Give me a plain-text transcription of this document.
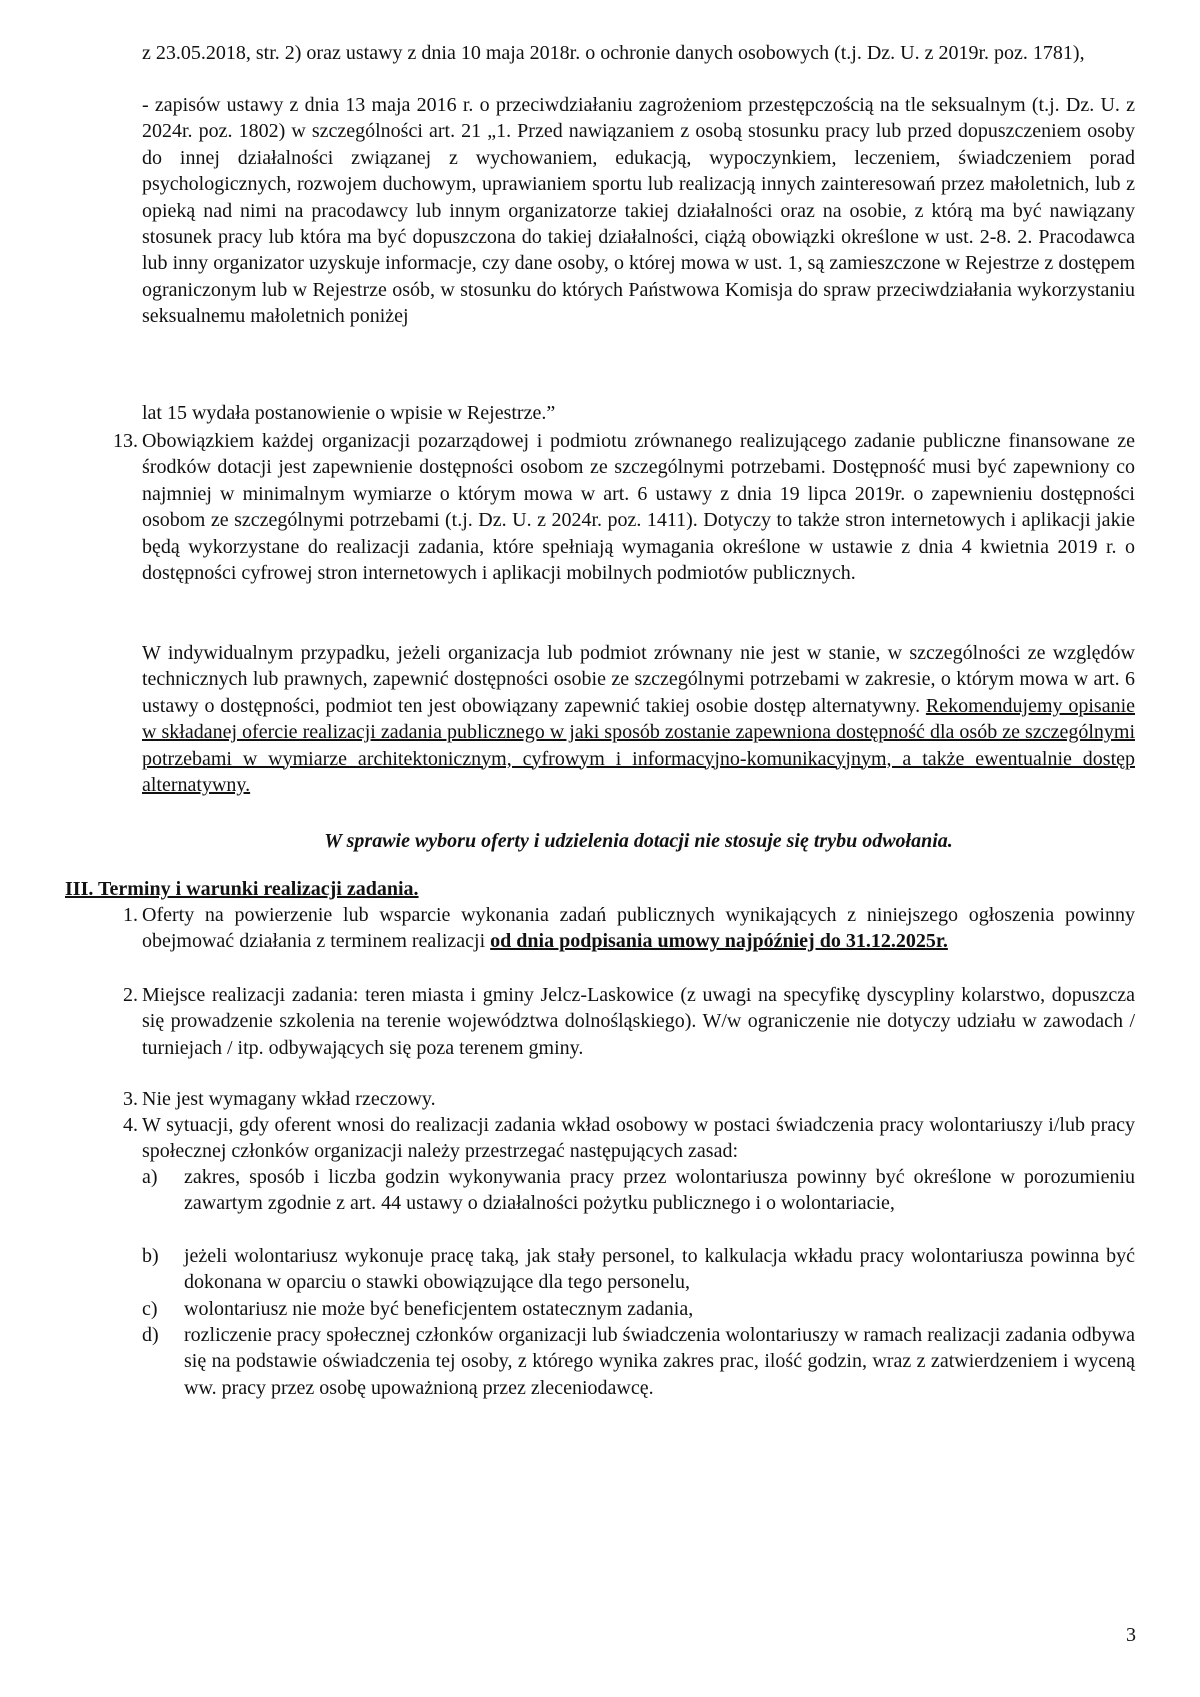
z 23.05.2018, str. 2) oraz ustawy z dnia 10 maja 2018r. o ochronie danych osobowych (t.j. Dz. U. z 2019r. poz. 1781),
- zapisów ustawy z dnia 13 maja 2016 r. o przeciwdziałaniu zagrożeniom przestępczością na tle seksualnym (t.j. Dz. U. z 2024r. poz. 1802) w szczególności art. 21 „1. Przed nawiązaniem z osobą stosunku pracy lub przed dopuszczeniem osoby do innej działalności związanej z wychowaniem, edukacją, wypoczynkiem, leczeniem, świadczeniem porad psychologicznych, rozwojem duchowym, uprawianiem sportu lub realizacją innych zainteresowań przez małoletnich, lub z opieką nad nimi na pracodawcy lub innym organizatorze takiej działalności oraz na osobie, z którą ma być nawiązany stosunek pracy lub która ma być dopuszczona do takiej działalności, ciążą obowiązki określone w ust. 2-8. 2. Pracodawca lub inny organizator uzyskuje informacje, czy dane osoby, o której mowa w ust. 1, są zamieszczone w Rejestrze z dostępem ograniczonym lub w Rejestrze osób, w stosunku do których Państwowa Komisja do spraw przeciwdziałania wykorzystaniu seksualnemu małoletnich poniżej
lat 15 wydała postanowienie o wpisie w Rejestrze.”
13. Obowiązkiem każdej organizacji pozarządowej i podmiotu zrównanego realizującego zadanie publiczne finansowane ze środków dotacji jest zapewnienie dostępności osobom ze szczególnymi potrzebami. Dostępność musi być zapewniony co najmniej w minimalnym wymiarze o którym mowa w art. 6 ustawy z dnia 19 lipca 2019r. o zapewnieniu dostępności osobom ze szczególnymi potrzebami (t.j. Dz. U. z 2024r. poz. 1411). Dotyczy to także stron internetowych i aplikacji jakie będą wykorzystane do realizacji zadania, które spełniają wymagania określone w ustawie z dnia 4 kwietnia 2019 r. o dostępności cyfrowej stron internetowych i aplikacji mobilnych podmiotów publicznych.
W indywidualnym przypadku, jeżeli organizacja lub podmiot zrównany nie jest w stanie, w szczególności ze względów technicznych lub prawnych, zapewnić dostępności osobie ze szczególnymi potrzebami w zakresie, o którym mowa w art. 6 ustawy o dostępności, podmiot ten jest obowiązany zapewnić takiej osobie dostęp alternatywny. Rekomendujemy opisanie w składanej ofercie realizacji zadania publicznego w jaki sposób zostanie zapewniona dostępność dla osób ze szczególnymi potrzebami w wymiarze architektonicznym, cyfrowym i informacyjno-komunikacyjnym, a także ewentualnie dostęp alternatywny.
W sprawie wyboru oferty i udzielenia dotacji nie stosuje się trybu odwołania.
III. Terminy i warunki realizacji zadania.
1. Oferty na powierzenie lub wsparcie wykonania zadań publicznych wynikających z niniejszego ogłoszenia powinny obejmować działania z terminem realizacji od dnia podpisania umowy najpóźniej do 31.12.2025r.
2. Miejsce realizacji zadania: teren miasta i gminy Jelcz-Laskowice (z uwagi na specyfikę dyscypliny kolarstwo, dopuszcza się prowadzenie szkolenia na terenie województwa dolnośląskiego). W/w ograniczenie nie dotyczy udziału w zawodach / turniejach / itp. odbywających się poza terenem gminy.
3. Nie jest wymagany wkład rzeczowy.
4. W sytuacji, gdy oferent wnosi do realizacji zadania wkład osobowy w postaci świadczenia pracy wolontariuszy i/lub pracy społecznej członków organizacji należy przestrzegać następujących zasad:
a)	zakres, sposób i liczba godzin wykonywania pracy przez wolontariusza powinny być określone w porozumieniu zawartym zgodnie z art. 44 ustawy o działalności pożytku publicznego i o wolontariacie,
b)	jeżeli wolontariusz wykonuje pracę taką, jak stały personel, to kalkulacja wkładu pracy wolontariusza powinna być dokonana w oparciu o stawki obowiązujące dla tego personelu,
c)	wolontariusz nie może być beneficjentem ostatecznym zadania,
d)	rozliczenie pracy społecznej członków organizacji lub świadczenia wolontariuszy w ramach realizacji zadania odbywa się na podstawie oświadczenia tej osoby, z którego wynika zakres prac, ilość godzin, wraz z zatwierdzeniem i wyceną ww. pracy przez osobę upoważnioną przez zleceniodawcę.
3
